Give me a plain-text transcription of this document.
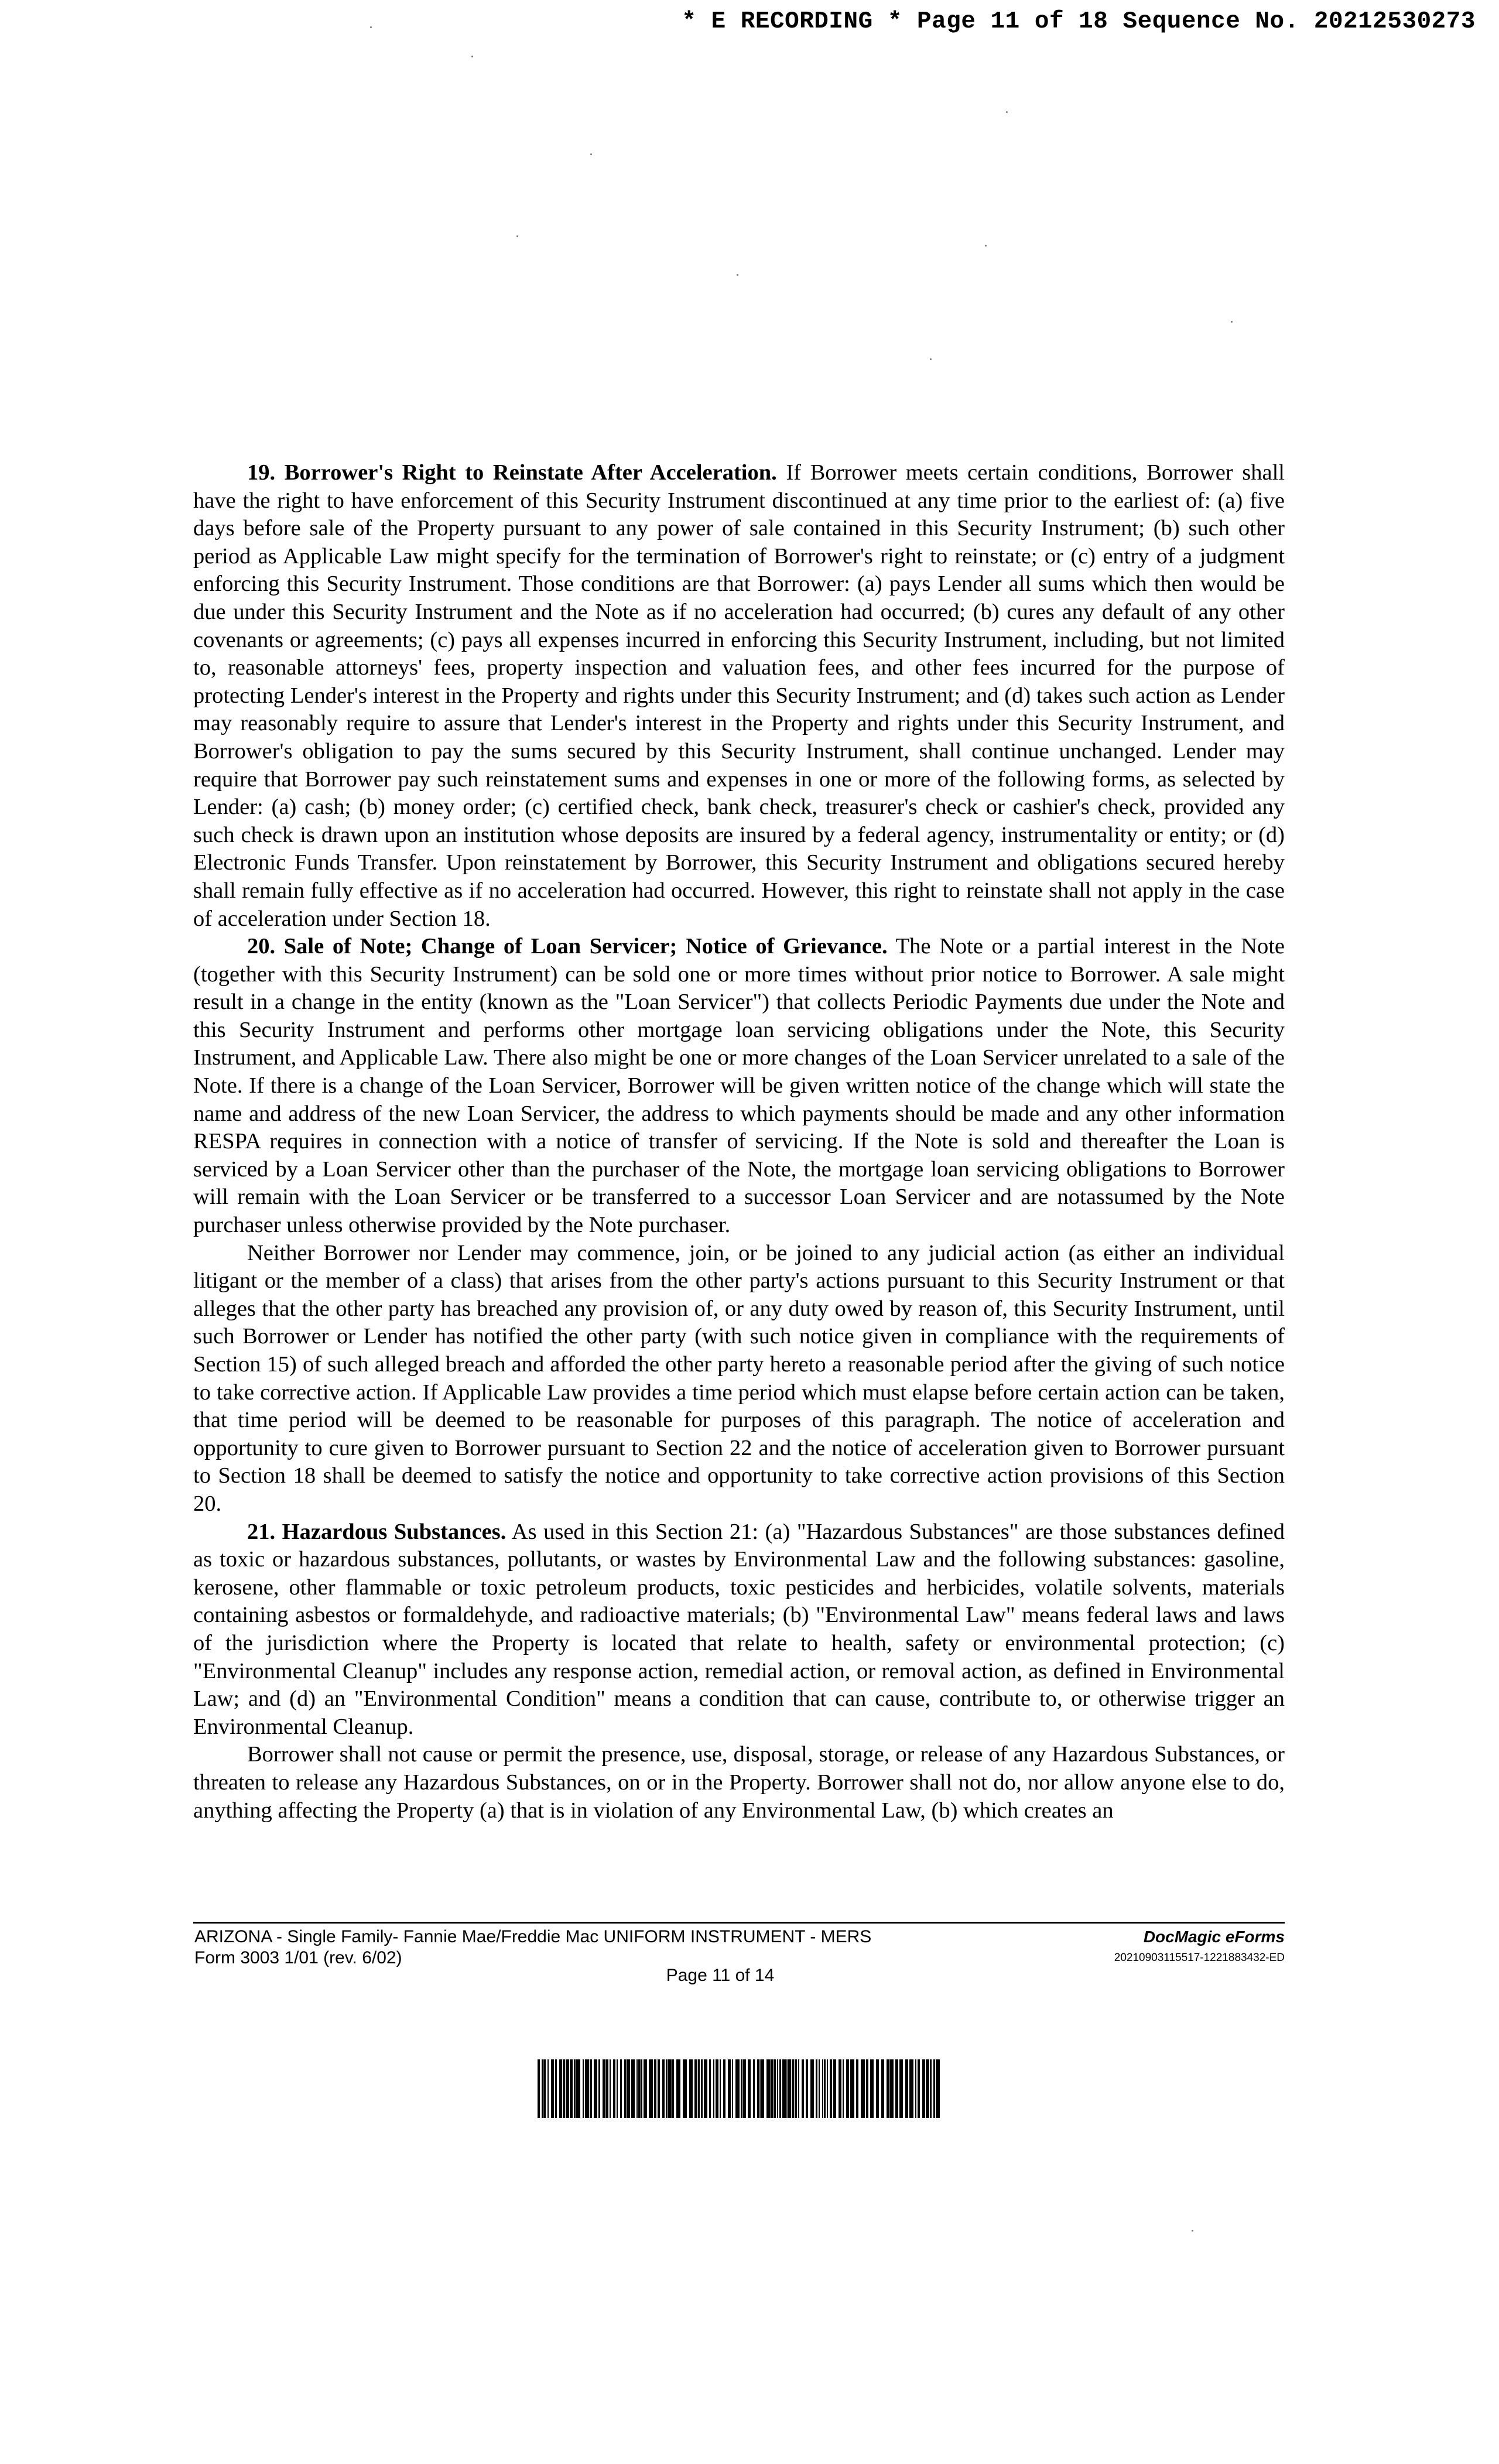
* E RECORDING * Page 11 of 18 Sequence No. 20212530273

19. Borrower's Right to Reinstate After Acceleration. If Borrower meets certain conditions, Borrower shall have the right to have enforcement of this Security Instrument discontinued at any time prior to the earliest of: (a) five days before sale of the Property pursuant to any power of sale contained in this Security Instrument; (b) such other period as Applicable Law might specify for the termination of Borrower's right to reinstate; or (c) entry of a judgment enforcing this Security Instrument. Those conditions are that Borrower: (a) pays Lender all sums which then would be due under this Security Instrument and the Note as if no acceleration had occurred; (b) cures any default of any other covenants or agreements; (c) pays all expenses incurred in enforcing this Security Instrument, including, but not limited to, reasonable attorneys' fees, property inspection and valuation fees, and other fees incurred for the purpose of protecting Lender's interest in the Property and rights under this Security Instrument; and (d) takes such action as Lender may reasonably require to assure that Lender's interest in the Property and rights under this Security Instrument, and Borrower's obligation to pay the sums secured by this Security Instrument, shall continue unchanged. Lender may require that Borrower pay such reinstatement sums and expenses in one or more of the following forms, as selected by Lender: (a) cash; (b) money order; (c) certified check, bank check, treasurer's check or cashier's check, provided any such check is drawn upon an institution whose deposits are insured by a federal agency, instrumentality or entity; or (d) Electronic Funds Transfer. Upon reinstatement by Borrower, this Security Instrument and obligations secured hereby shall remain fully effective as if no acceleration had occurred. However, this right to reinstate shall not apply in the case of acceleration under Section 18.

20. Sale of Note; Change of Loan Servicer; Notice of Grievance. The Note or a partial interest in the Note (together with this Security Instrument) can be sold one or more times without prior notice to Borrower. A sale might result in a change in the entity (known as the "Loan Servicer") that collects Periodic Payments due under the Note and this Security Instrument and performs other mortgage loan servicing obligations under the Note, this Security Instrument, and Applicable Law. There also might be one or more changes of the Loan Servicer unrelated to a sale of the Note. If there is a change of the Loan Servicer, Borrower will be given written notice of the change which will state the name and address of the new Loan Servicer, the address to which payments should be made and any other information RESPA requires in connection with a notice of transfer of servicing. If the Note is sold and thereafter the Loan is serviced by a Loan Servicer other than the purchaser of the Note, the mortgage loan servicing obligations to Borrower will remain with the Loan Servicer or be transferred to a successor Loan Servicer and are notassumed by the Note purchaser unless otherwise provided by the Note purchaser.

Neither Borrower nor Lender may commence, join, or be joined to any judicial action (as either an individual litigant or the member of a class) that arises from the other party's actions pursuant to this Security Instrument or that alleges that the other party has breached any provision of, or any duty owed by reason of, this Security Instrument, until such Borrower or Lender has notified the other party (with such notice given in compliance with the requirements of Section 15) of such alleged breach and afforded the other party hereto a reasonable period after the giving of such notice to take corrective action. If Applicable Law provides a time period which must elapse before certain action can be taken, that time period will be deemed to be reasonable for purposes of this paragraph. The notice of acceleration and opportunity to cure given to Borrower pursuant to Section 22 and the notice of acceleration given to Borrower pursuant to Section 18 shall be deemed to satisfy the notice and opportunity to take corrective action provisions of this Section 20.

21. Hazardous Substances. As used in this Section 21: (a) "Hazardous Substances" are those substances defined as toxic or hazardous substances, pollutants, or wastes by Environmental Law and the following substances: gasoline, kerosene, other flammable or toxic petroleum products, toxic pesticides and herbicides, volatile solvents, materials containing asbestos or formaldehyde, and radioactive materials; (b) "Environmental Law" means federal laws and laws of the jurisdiction where the Property is located that relate to health, safety or environmental protection; (c) "Environmental Cleanup" includes any response action, remedial action, or removal action, as defined in Environmental Law; and (d) an "Environmental Condition" means a condition that can cause, contribute to, or otherwise trigger an Environmental Cleanup.

Borrower shall not cause or permit the presence, use, disposal, storage, or release of any Hazardous Substances, or threaten to release any Hazardous Substances, on or in the Property. Borrower shall not do, nor allow anyone else to do, anything affecting the Property (a) that is in violation of any Environmental Law, (b) which creates an

ARIZONA - Single Family- Fannie Mae/Freddie Mac UNIFORM INSTRUMENT - MERS
Form 3003 1/01 (rev. 6/02)
DocMagic eForms
20210903115517-1221883432-ED
Page 11 of 14
